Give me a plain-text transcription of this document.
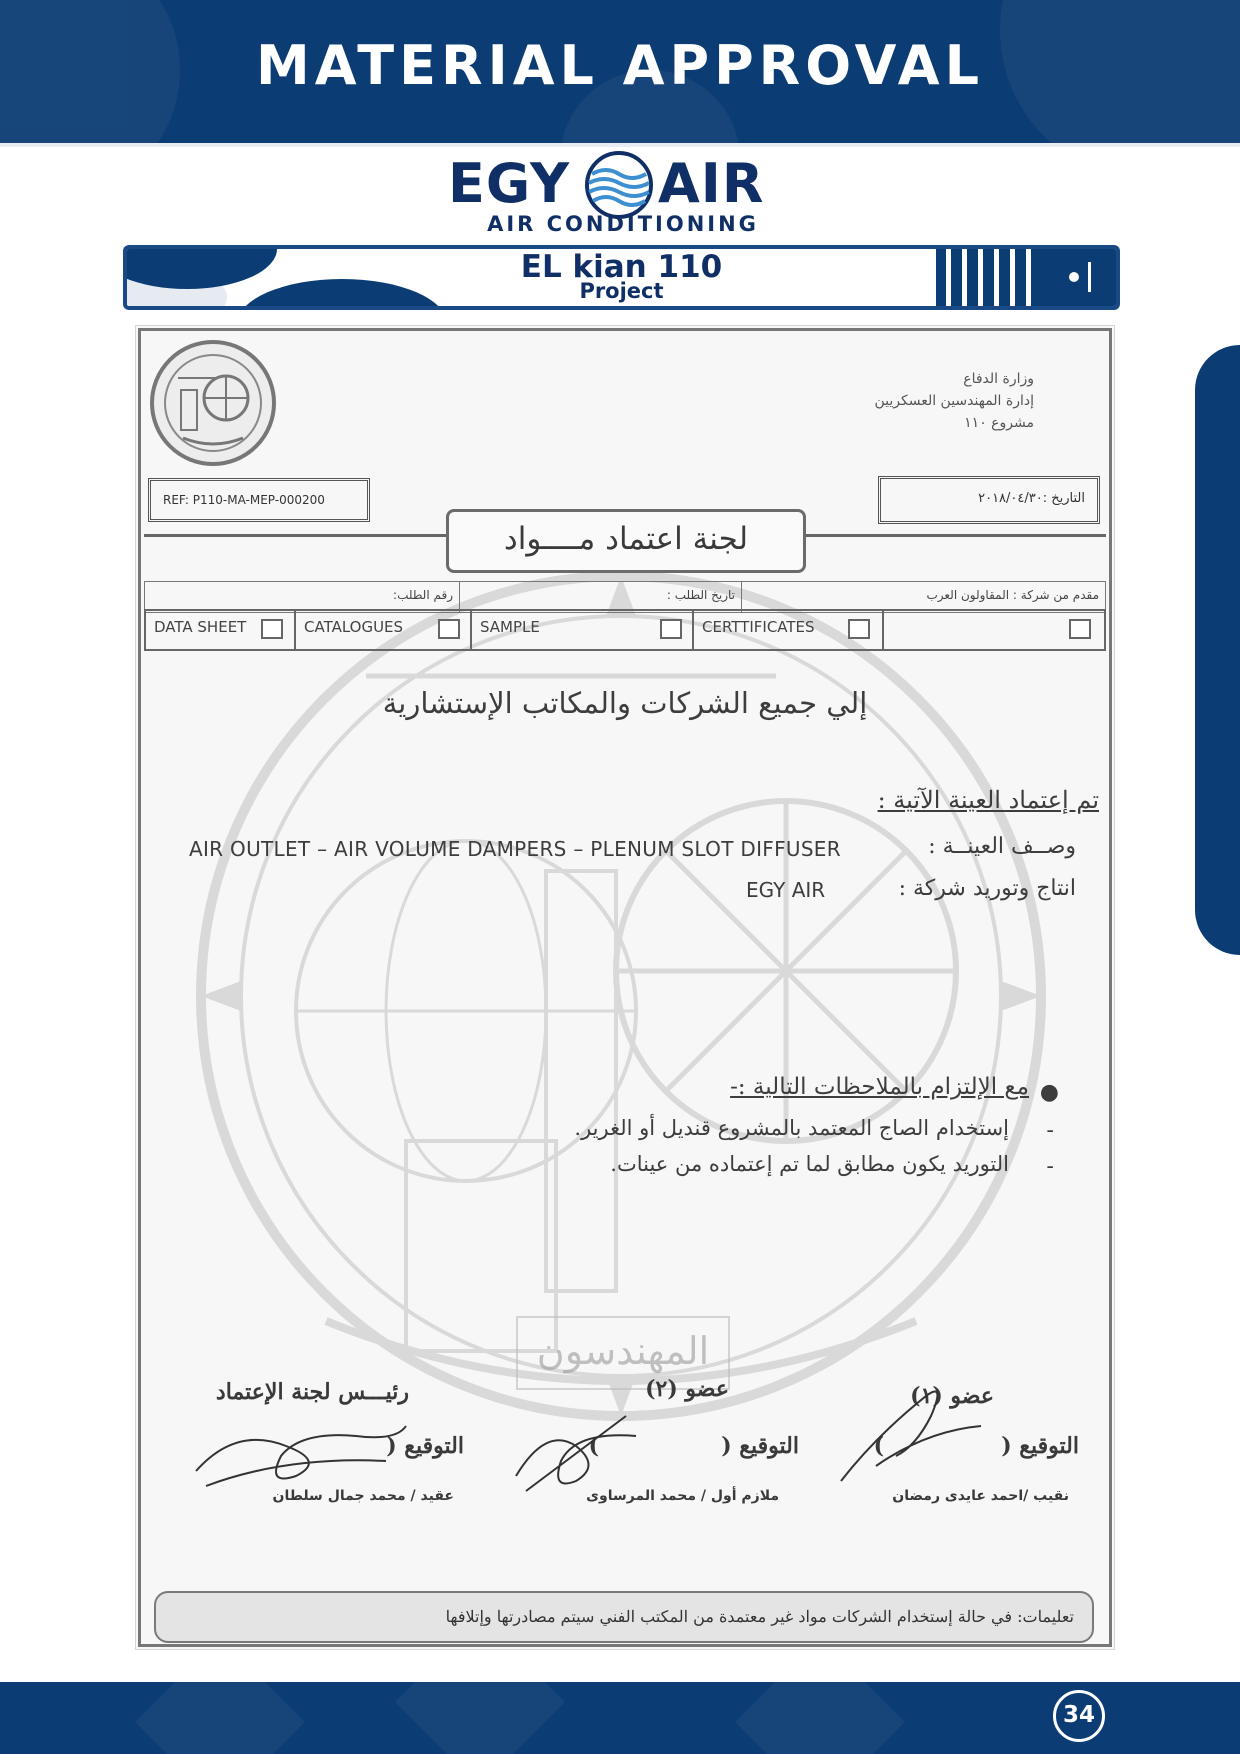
MATERIAL APPROVAL
EGY AIR
AIR CONDITIONING
EL kian 110
Project
وزارة الدفاع
إدارة المهندسين العسكريين
مشروع ١١٠
REF: P110-MA-MEP-000200	التاريخ :٢٠١٨/٠٤/٣٠
لجنة اعتماد مــــواد
رقم الطلب:	تاريخ الطلب :	مقدم من شركة : المقاولون العرب
DATA SHEET	CATALOGUES	SAMPLE	CERTTIFICATES
إلي جميع الشركات والمكاتب الإستشارية
تم إعتماد العينة الآتية :
وصــف العينــة :
AIR OUTLET – AIR VOLUME DAMPERS – PLENUM SLOT DIFFUSER
انتاج وتوريد شركة :
EGY AIR
●
مع الإلتزام بالملاحظات التالية :-
-
إستخدام الصاج المعتمد بالمشروع قنديل أو الغرير.
-
التوريد يكون مطابق لما تم إعتماده من عينات.
المهندسون
عضو (١)
التوقيع (
)
نقيب /احمد عايدى رمضان
عضو (٢)
التوقيع (
)
ملازم أول / محمد المرساوى
رئيـــس لجنة الإعتماد
التوقيع (
عقيد / محمد جمال سلطان
تعليمات: في حالة إستخدام الشركات مواد غير معتمدة من المكتب الفني سيتم مصادرتها وإتلافها
34
